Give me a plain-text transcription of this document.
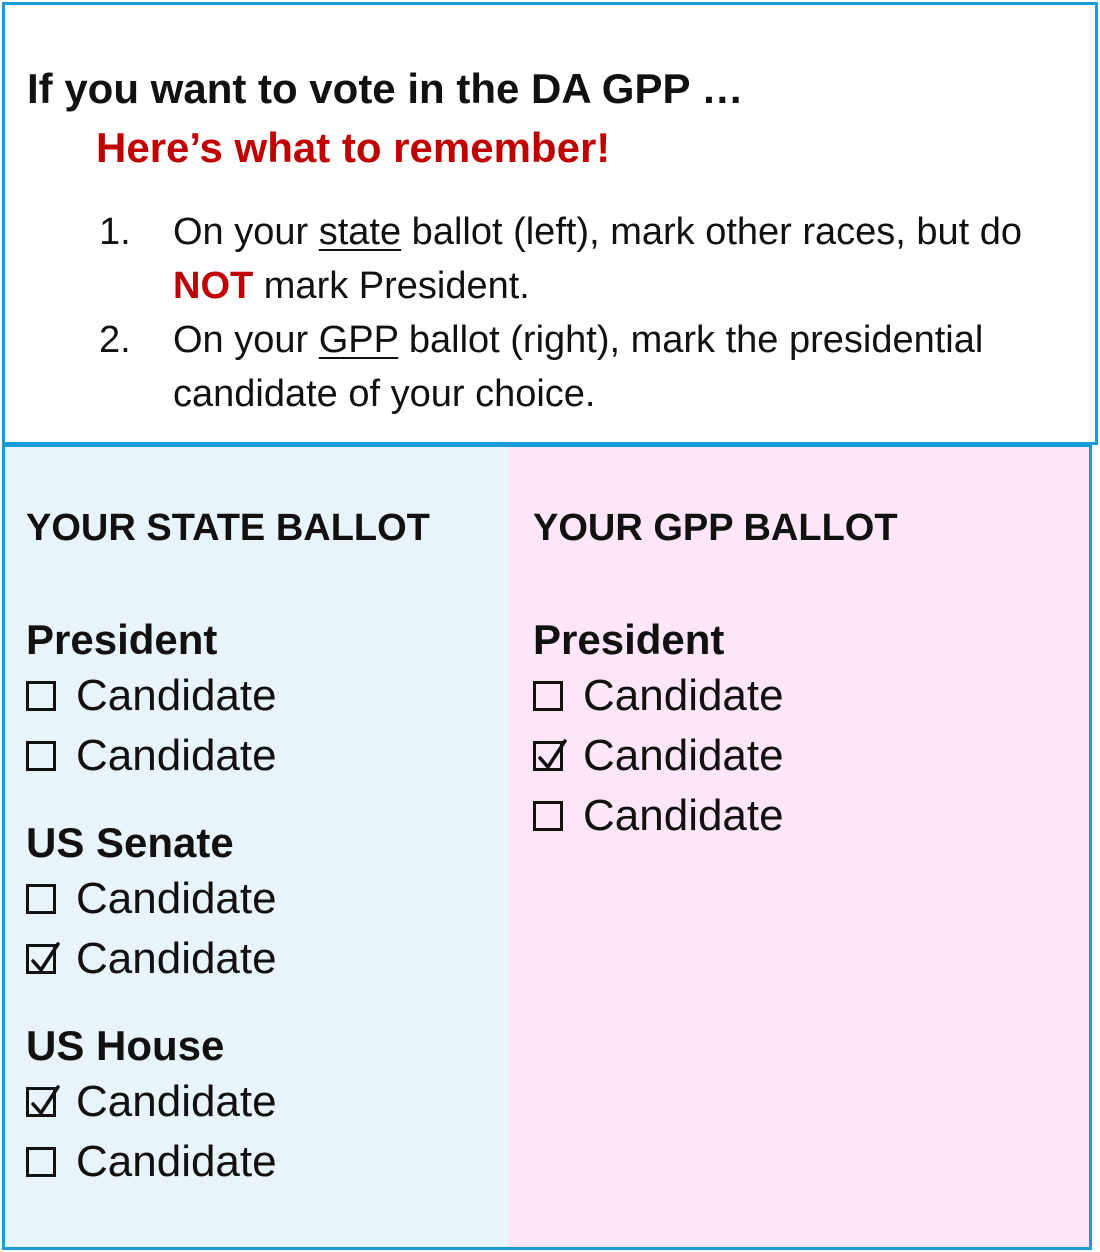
If you want to vote in the DA GPP …
Here’s what to remember!
1. On your state ballot (left), mark other races, but do NOT mark President.
2. On your GPP ballot (right), mark the presidential candidate of your choice.
YOUR STATE BALLOT
President
Candidate
Candidate
US Senate
Candidate
Candidate
US House
Candidate
Candidate
YOUR GPP BALLOT
President
Candidate
Candidate
Candidate
